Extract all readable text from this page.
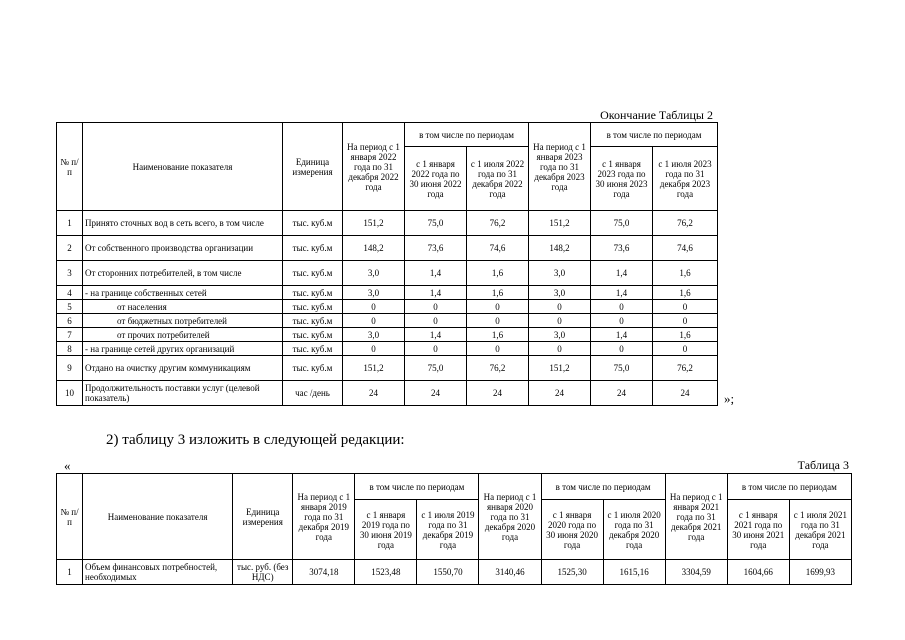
Окончание Таблицы 2
№ п/п	Наименование показателя	Единица измерения	На период с 1 января 2022 года по 31 декабря 2022 года	в том числе по периодам		На период с 1 января 2023 года по 31 декабря 2023 года	в том числе по периодам	
				с 1 января 2022 года по 30 июня 2022 года	с 1 июля 2022 года по 31 декабря 2022 года		с 1 января 2023 года по 30 июня 2023 года	с 1 июля 2023 года по 31 декабря 2023 года
1	Принято сточных вод в сеть всего, в том числе	тыс. куб.м	151,2	75,0	76,2	151,2	75,0	76,2
2	От собственного производства организации	тыс. куб.м	148,2	73,6	74,6	148,2	73,6	74,6
3	От сторонних потребителей, в том числе	тыс. куб.м	3,0	1,4	1,6	3,0	1,4	1,6
4	- на границе собственных сетей	тыс. куб.м	3,0	1,4	1,6	3,0	1,4	1,6
5	от населения	тыс. куб.м	0	0	0	0	0	0
6	от бюджетных потребителей	тыс. куб.м	0	0	0	0	0	0
7	от прочих потребителей	тыс. куб.м	3,0	1,4	1,6	3,0	1,4	1,6
8	- на границе сетей других организаций	тыс. куб.м	0	0	0	0	0	0
9	Отдано на очистку другим коммуникациям	тыс. куб.м	151,2	75,0	76,2	151,2	75,0	76,2
10	Продолжительность поставки услуг (целевой показатель)	час /день	24	24	24	24	24	24	»;
2) таблицу 3 изложить в следующей редакции:
«	Таблица 3
№ п/п	Наименование показателя	Единица измерения	На период с 1 января 2019 года по 31 декабря 2019 года	в том числе по периодам		На период с 1 января 2020 года по 31 декабря 2020 года	в том числе по периодам		На период с 1 января 2021 года по 31 декабря 2021 года	в том числе по периодам	
				с 1 января 2019 года по 30 июня 2019 года	с 1 июля 2019 года по 31 декабря 2019 года		с 1 января 2020 года по 30 июня 2020 года	с 1 июля 2020 года по 31 декабря 2020 года		с 1 января 2021 года по 30 июня 2021 года	с 1 июля 2021 года по 31 декабря 2021 года
1	Объем финансовых потребностей, необходимых	тыс. руб. (без НДС)	3074,18	1523,48	1550,70	3140,46	1525,30	1615,16	3304,59	1604,66	1699,93
